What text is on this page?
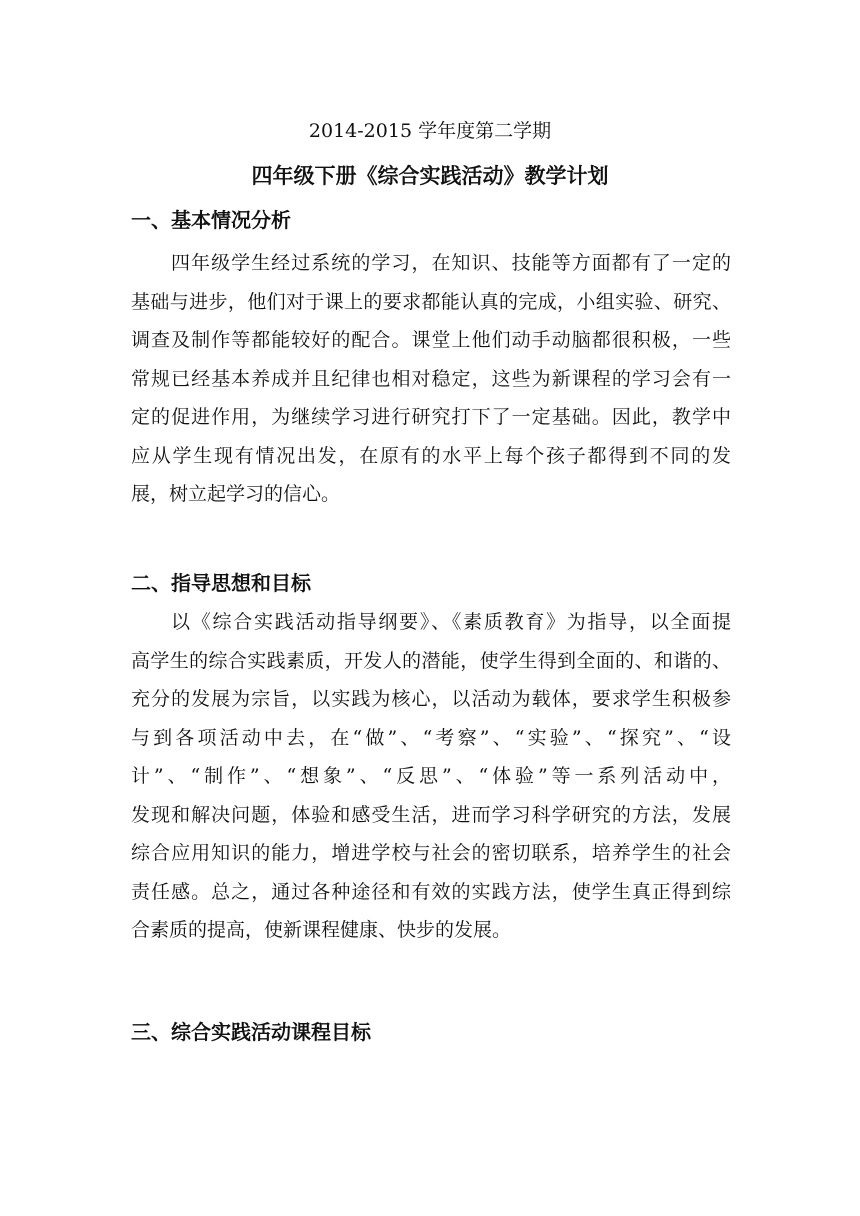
2014-2015 学年度第二学期
四年级下册《综合实践活动》教学计划
一、基本情况分析
四年级学生经过系统的学习，在知识、技能等方面都有了一定的
基础与进步，他们对于课上的要求都能认真的完成，小组实验、研究、
调查及制作等都能较好的配合。课堂上他们动手动脑都很积极，一些
常规已经基本养成并且纪律也相对稳定，这些为新课程的学习会有一
定的促进作用，为继续学习进行研究打下了一定基础。因此，教学中
应从学生现有情况出发，在原有的水平上每个孩子都得到不同的发
展，树立起学习的信心。
二、指导思想和目标
以《综合实践活动指导纲要》、《素质教育》为指导，以全面提
高学生的综合实践素质，开发人的潜能，使学生得到全面的、和谐的、
充分的发展为宗旨，以实践为核心，以活动为载体，要求学生积极参
与到各项活动中去，在“做”、“考察”、“实验”、“探究”、“设
计”、“制作”、“想象”、“反思”、“体验”等一系列活动中，
发现和解决问题，体验和感受生活，进而学习科学研究的方法，发展
综合应用知识的能力，增进学校与社会的密切联系，培养学生的社会
责任感。总之，通过各种途径和有效的实践方法，使学生真正得到综
合素质的提高，使新课程健康、快步的发展。
三、综合实践活动课程目标
